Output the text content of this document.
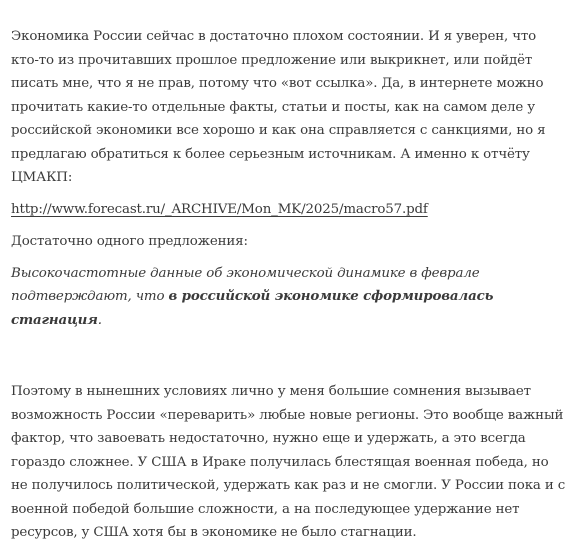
Экономика России сейчас в достаточно плохом состоянии. И я уверен, что кто-то из прочитавших прошлое предложение или выкрикнет, или пойдёт писать мне, что я не прав, потому что «вот ссылка». Да, в интернете можно прочитать какие-то отдельные факты, статьи и посты, как на самом деле у российской экономики все хорошо и как она справляется с санкциями, но я предлагаю обратиться к более серьезным источникам. А именно к отчёту ЦМАКП:

http://www.forecast.ru/_ARCHIVE/Mon_MK/2025/macro57.pdf

Достаточно одного предложения:

Высокочастотные данные об экономической динамике в феврале подтверждают, что в российской экономике сформировалась стагнация.

Поэтому в нынешних условиях лично у меня большие сомнения вызывает возможность России «переварить» любые новые регионы. Это вообще важный фактор, что завоевать недостаточно, нужно еще и удержать, а это всегда гораздо сложнее. У США в Ираке получилась блестящая военная победа, но не получилось политической, удержать как раз и не смогли. У России пока и с военной победой большие сложности, а на последующее удержание нет ресурсов, у США хотя бы в экономике не было стагнации.
